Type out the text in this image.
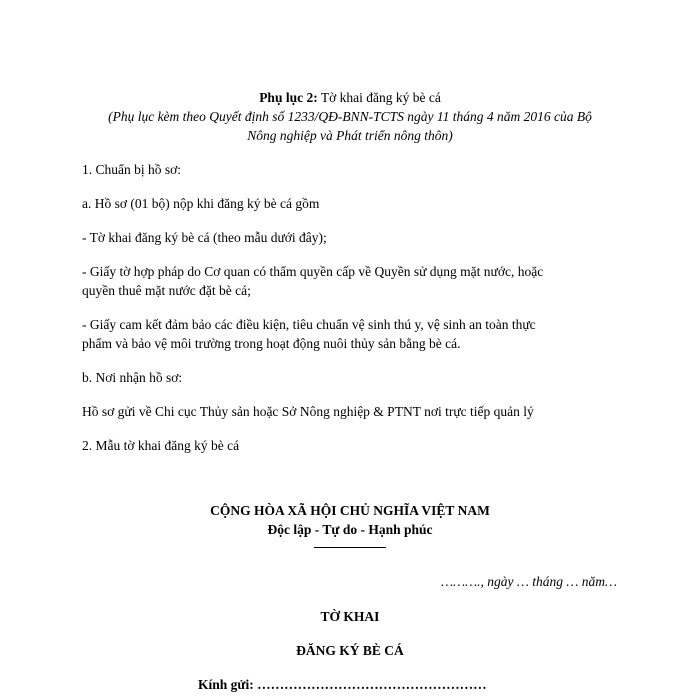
Phụ lục 2: Tờ khai đăng ký bè cá
(Phụ lục kèm theo Quyết định số 1233/QĐ-BNN-TCTS ngày 11 tháng 4 năm 2016 của Bộ
Nông nghiệp và Phát triển nông thôn)
1. Chuẩn bị hồ sơ:
a. Hồ sơ (01 bộ) nộp khi đăng ký bè cá gồm
- Tờ khai đăng ký bè cá (theo mẫu dưới đây);
- Giấy tờ hợp pháp do Cơ quan có thẩm quyền cấp về Quyền sử dụng mặt nước, hoặc
quyền thuê mặt nước đặt bè cá;
- Giấy cam kết đảm bảo các điều kiện, tiêu chuẩn vệ sinh thú y, vệ sinh an toàn thực
phẩm và bảo vệ môi trường trong hoạt động nuôi thủy sản bằng bè cá.
b. Nơi nhận hồ sơ:
Hồ sơ gửi về Chi cục Thủy sản hoặc Sở Nông nghiệp & PTNT nơi trực tiếp quản lý
2. Mẫu tờ khai đăng ký bè cá
CỘNG HÒA XÃ HỘI CHỦ NGHĨA VIỆT NAM
Độc lập - Tự do - Hạnh phúc
………., ngày … tháng … năm…
TỜ KHAI
ĐĂNG KÝ BÈ CÁ
Kính gửi: ……………………………………………
